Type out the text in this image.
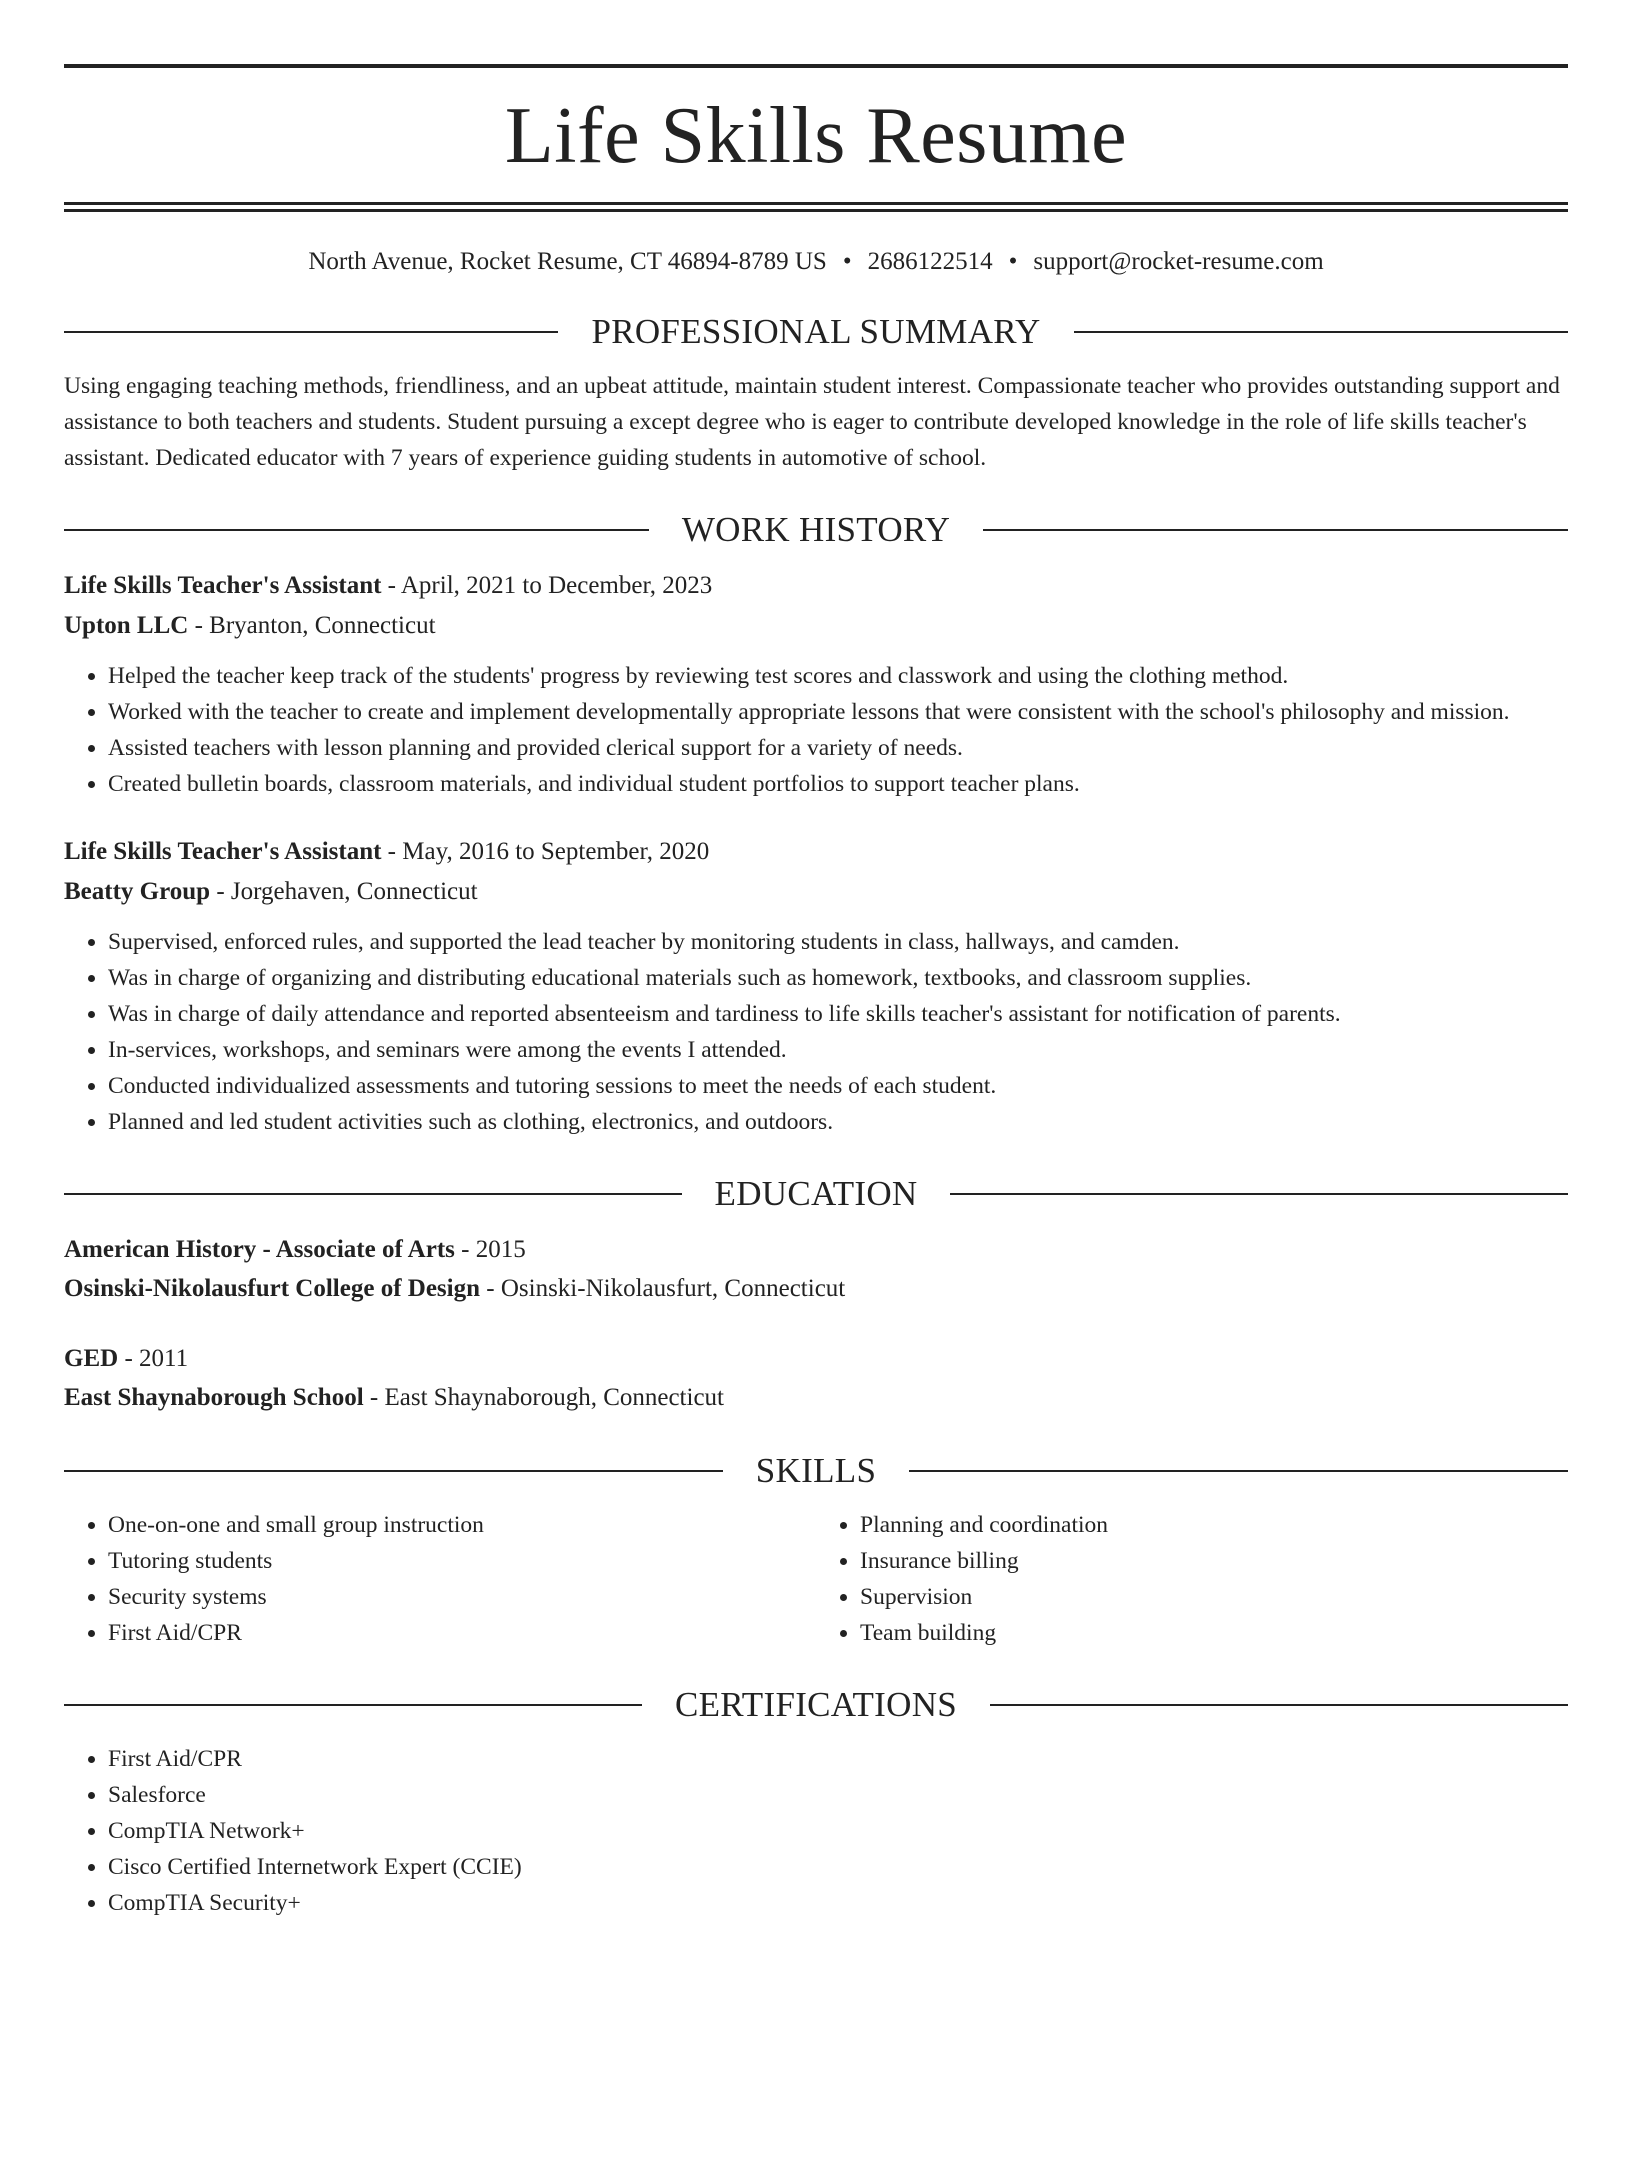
Life Skills Resume
North Avenue, Rocket Resume, CT 46894-8789 US • 2686122514 • support@rocket-resume.com
PROFESSIONAL SUMMARY

Using engaging teaching methods, friendliness, and an upbeat attitude, maintain student interest. Compassionate teacher who provides outstanding support and assistance to both teachers and students. Student pursuing a except degree who is eager to contribute developed knowledge in the role of life skills teacher's assistant. Dedicated educator with 7 years of experience guiding students in automotive of school.

WORK HISTORY
Life Skills Teacher's Assistant - April, 2021 to December, 2023
Upton LLC - Bryanton, Connecticut
• Helped the teacher keep track of the students' progress by reviewing test scores and classwork and using the clothing method.
• Worked with the teacher to create and implement developmentally appropriate lessons that were consistent with the school's philosophy and mission.
• Assisted teachers with lesson planning and provided clerical support for a variety of needs.
• Created bulletin boards, classroom materials, and individual student portfolios to support teacher plans.
Life Skills Teacher's Assistant - May, 2016 to September, 2020
Beatty Group - Jorgehaven, Connecticut
• Supervised, enforced rules, and supported the lead teacher by monitoring students in class, hallways, and camden.
• Was in charge of organizing and distributing educational materials such as homework, textbooks, and classroom supplies.
• Was in charge of daily attendance and reported absenteeism and tardiness to life skills teacher's assistant for notification of parents.
• In-services, workshops, and seminars were among the events I attended.
• Conducted individualized assessments and tutoring sessions to meet the needs of each student.
• Planned and led student activities such as clothing, electronics, and outdoors.
EDUCATION
American History - Associate of Arts - 2015
Osinski-Nikolausfurt College of Design - Osinski-Nikolausfurt, Connecticut
GED - 2011
East Shaynaborough School - East Shaynaborough, Connecticut
SKILLS
• One-on-one and small group instruction
• Tutoring students
• Security systems
• First Aid/CPR
• Planning and coordination
• Insurance billing
• Supervision
• Team building
CERTIFICATIONS
• First Aid/CPR
• Salesforce
• CompTIA Network+
• Cisco Certified Internetwork Expert (CCIE)
• CompTIA Security+
